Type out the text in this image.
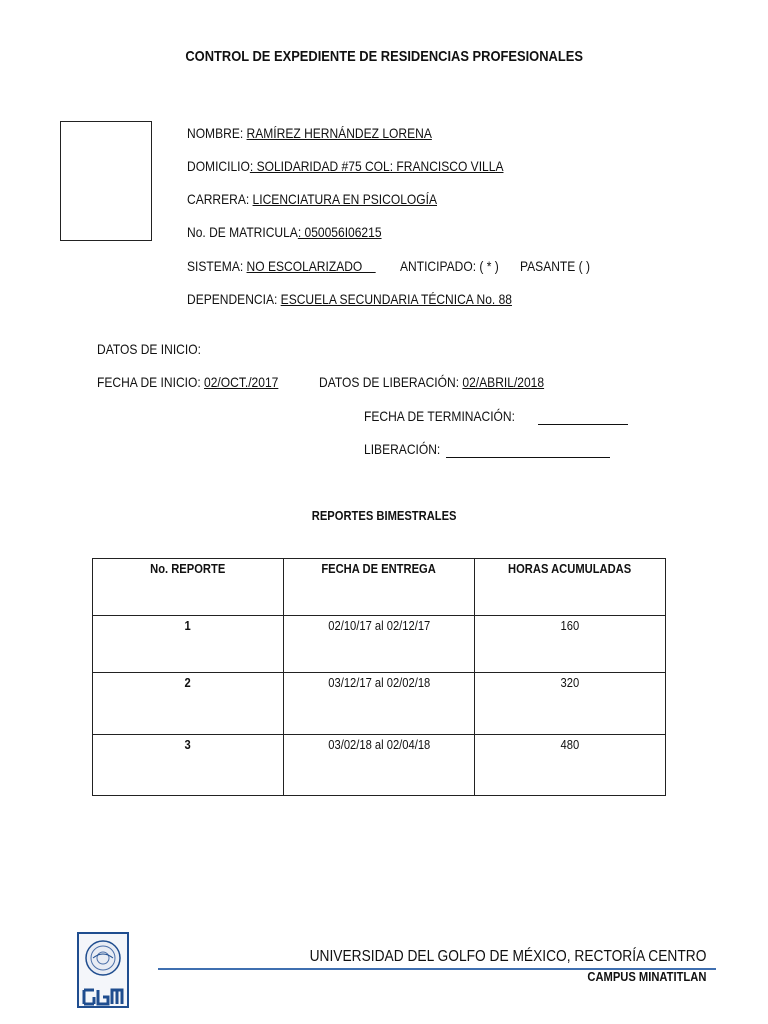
CONTROL DE EXPEDIENTE DE RESIDENCIAS PROFESIONALES
NOMBRE: RAMÍREZ HERNÁNDEZ LORENA
DOMICILIO: SOLIDARIDAD #75 COL: FRANCISCO VILLA
CARRERA: LICENCIATURA EN PSICOLOGÍA
No. DE MATRICULA: 050056I06215
SISTEMA: NO ESCOLARIZADO	ANTICIPADO: ( * )	PASANTE ( )
DEPENDENCIA: ESCUELA SECUNDARIA TÉCNICA No. 88
DATOS DE INICIO:
FECHA DE INICIO: 02/OCT./2017	DATOS DE LIBERACIÓN: 02/ABRIL/2018
FECHA DE TERMINACIÓN:
LIBERACIÓN:
REPORTES BIMESTRALES
No. REPORTE	FECHA DE ENTREGA	HORAS ACUMULADAS
1	02/10/17 al 02/12/17	160
2	03/12/17 al 02/02/18	320
3	03/02/18 al 02/04/18	480
UNIVERSIDAD DEL GOLFO DE MÉXICO, RECTORÍA CENTRO
CAMPUS MINATITLAN
